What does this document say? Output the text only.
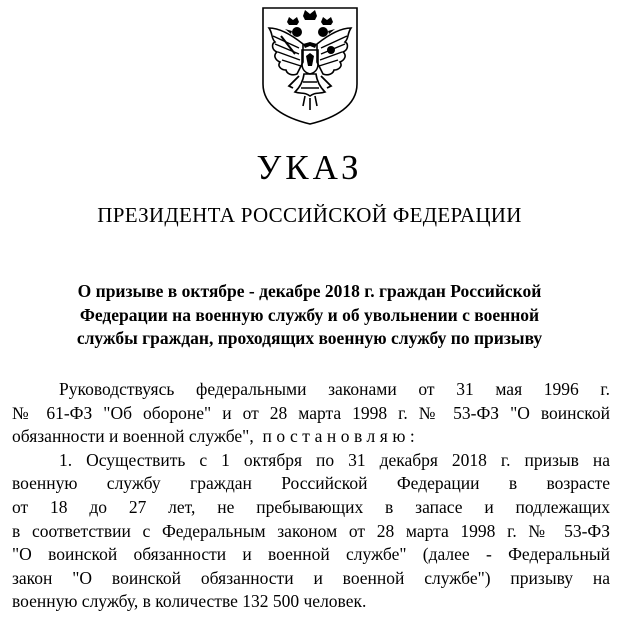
УКАЗ
ПРЕЗИДЕНТА РОССИЙСКОЙ ФЕДЕРАЦИИ
О призыве в октябре - декабре 2018 г. граждан Российской
Федерации на военную службу и об увольнении с военной
службы граждан, проходящих военную службу по призыву
Руководствуясь федеральными законами от 31 мая 1996 г.
№ 61-ФЗ "Об обороне" и от 28 марта 1998 г. № 53-ФЗ "О воинской
обязанности и военной службе", постановляю:
1. Осуществить с 1 октября по 31 декабря 2018 г. призыв на
военную службу граждан Российской Федерации в возрасте
от 18 до 27 лет, не пребывающих в запасе и подлежащих
в соответствии с Федеральным законом от 28 марта 1998 г. № 53-ФЗ
"О воинской обязанности и военной службе" (далее - Федеральный
закон "О воинской обязанности и военной службе") призыву на
военную службу, в количестве 132 500 человек.
